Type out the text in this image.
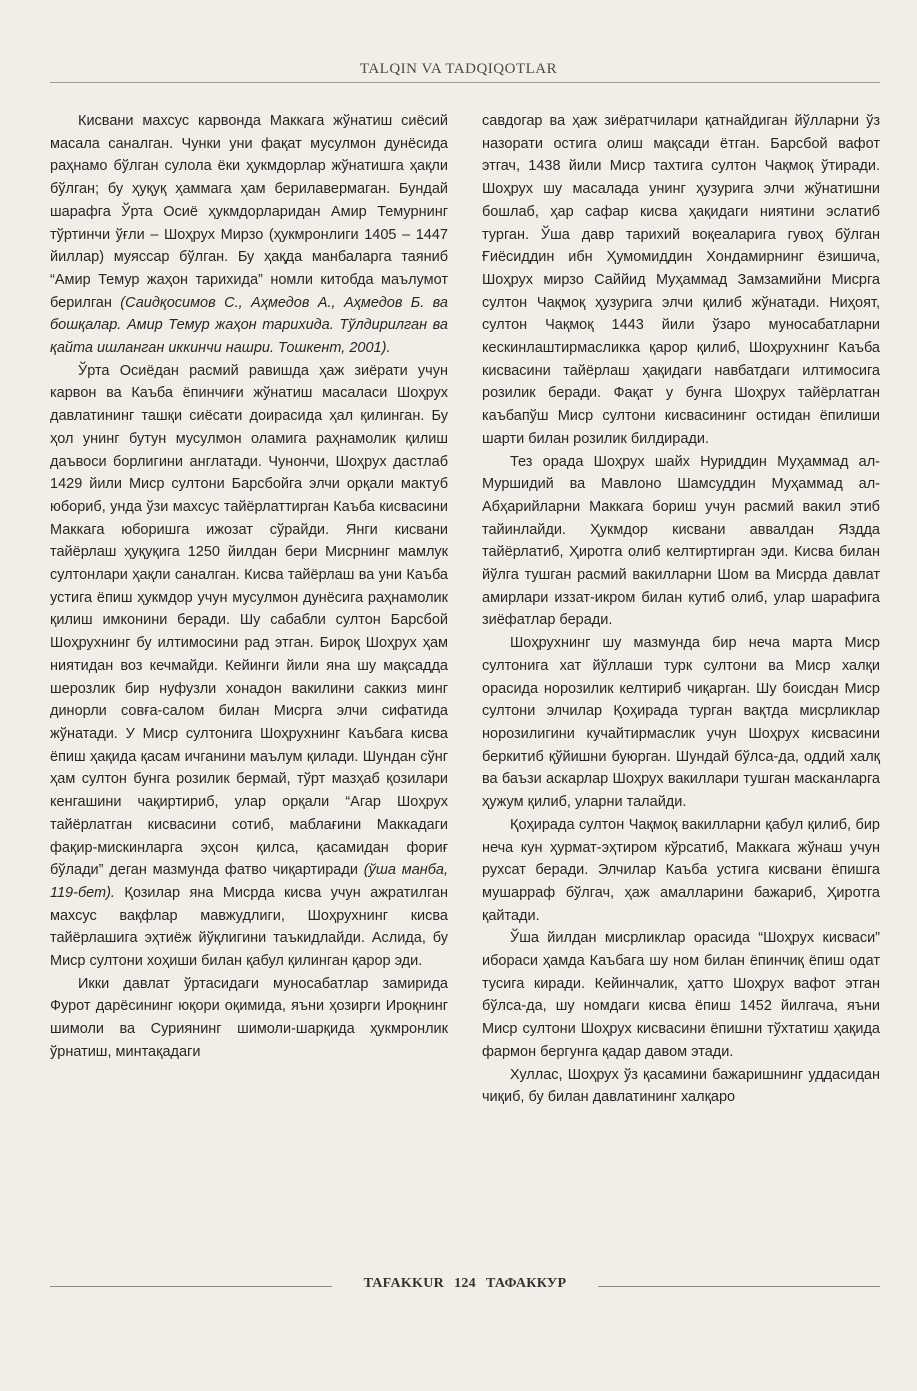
TALQIN VA TADQIQOTLAR

Кисвани махсус карвонда Маккага жўнатиш сиёсий масала саналган. Чунки уни фақат мусулмон дунёсида раҳнамо бўлган сулола ёки ҳукмдорлар жўнатишга ҳақли бўлган; бу ҳуқуқ ҳаммага ҳам берилавермаган. Бундай шарафга Ўрта Осиё ҳукмдорларидан Амир Темурнинг тўртинчи ўғли – Шоҳрух Мирзо (ҳукмронлиги 1405 – 1447 йиллар) муяссар бўлган. Бу ҳақда манбаларга таяниб “Амир Темур жаҳон тарихида” номли китобда маълумот берилган (Саидқосимов С., Аҳмедов А., Аҳмедов Б. ва бошқалар. Амир Темур жаҳон тарихида. Тўлдирилган ва қайта ишланган иккинчи нашри. Тошкент, 2001).

Ўрта Осиёдан расмий равишда ҳаж зиёрати учун карвон ва Каъба ёпинчиғи жўнатиш масаласи Шоҳрух давлатининг ташқи сиёсати доирасида ҳал қилинган. Бу ҳол унинг бутун мусулмон оламига раҳнамолик қилиш даъвоси борлигини англатади. Чунончи, Шоҳрух дастлаб 1429 йили Миср султони Барсбойга элчи орқали мактуб юбориб, унда ўзи махсус тайёрлаттирган Каъба кисвасини Маккага юборишга ижозат сўрайди. Янги кисвани тайёрлаш ҳуқуқига 1250 йилдан бери Мисрнинг мамлук султонлари ҳақли саналган. Кисва тайёрлаш ва уни Каъба устига ёпиш ҳукмдор учун мусулмон дунёсига раҳнамолик қилиш имконини беради. Шу сабабли султон Барсбой Шоҳрухнинг бу илтимосини рад этган. Бироқ Шоҳрух ҳам ниятидан воз кечмайди. Кейинги йили яна шу мақсадда шерозлик бир нуфузли хонадон вакилини саккиз минг динорли совға-салом билан Мисрга элчи сифатида жўнатади. У Миср султонига Шоҳрухнинг Каъбага кисва ёпиш ҳақида қасам ичганини маълум қилади. Шундан сўнг ҳам султон бунга розилик бермай, тўрт мазҳаб қозилари кенгашини чақиртириб, улар орқали “Агар Шоҳрух тайёрлатган кисвасини сотиб, маблағини Маккадаги фақир-мискинларга эҳсон қилса, қасамидан фориғ бўлади” деган мазмунда фатво чиқартиради (ўша манба, 119-бет). Қозилар яна Мисрда кисва учун ажратилган махсус вақфлар мавжудлиги, Шоҳрухнинг кисва тайёрлашига эҳтиёж йўқлигини таъкидлайди. Аслида, бу Миср султони хоҳиши билан қабул қилинган қарор эди.

Икки давлат ўртасидаги муносабатлар замирида Фурот дарёсининг юқори оқимида, яъни ҳозирги Ироқнинг шимоли ва Суриянинг шимоли-шарқида ҳукмронлик ўрнатиш, минтақадаги

савдогар ва ҳаж зиёратчилари қатнайдиган йўлларни ўз назорати остига олиш мақсади ётган. Барсбой вафот этгач, 1438 йили Миср тахтига султон Чақмоқ ўтиради. Шоҳрух шу масалада унинг ҳузурига элчи жўнатишни бошлаб, ҳар сафар кисва ҳақидаги ниятини эслатиб турган. Ўша давр тарихий воқеаларига гувоҳ бўлган Ғиёсиддин ибн Ҳумомиддин Хондамирнинг ёзишича, Шоҳрух мирзо Саййид Муҳаммад Замзамийни Мисрга султон Чақмоқ ҳузурига элчи қилиб жўнатади. Ниҳоят, султон Чақмоқ 1443 йили ўзаро муносабатларни кескинлаштирмасликка қарор қилиб, Шоҳрухнинг Каъба кисвасини тайёрлаш ҳақидаги навбатдаги илтимосига розилик беради. Фақат у бунга Шоҳрух тайёрлатган каъбапўш Миср султони кисвасининг остидан ёпилиши шарти билан розилик билдиради.

Тез орада Шоҳрух шайх Нуриддин Муҳаммад ал-Муршидий ва Мавлоно Шамсуддин Муҳаммад ал-Абҳарийларни Маккага бориш учун расмий вакил этиб тайинлайди. Ҳукмдор кисвани аввалдан Яздда тайёрлатиб, Ҳиротга олиб келтиртирган эди. Кисва билан йўлга тушган расмий вакилларни Шом ва Мисрда давлат амирлари иззат-икром билан кутиб олиб, улар шарафига зиёфатлар беради.

Шоҳрухнинг шу мазмунда бир неча марта Миср султонига хат йўллаши турк султони ва Миср халқи орасида норозилик келтириб чиқарган. Шу боисдан Миср султони элчилар Қоҳирада турган вақтда мисрликлар норозилигини кучайтирмаслик учун Шоҳрух кисвасини беркитиб қўйишни буюрган. Шундай бўлса-да, оддий халқ ва баъзи аскарлар Шоҳрух вакиллари тушган масканларга ҳужум қилиб, уларни талайди.

Қоҳирада султон Чақмоқ вакилларни қабул қилиб, бир неча кун ҳурмат-эҳтиром кўрсатиб, Маккага жўнаш учун рухсат беради. Элчилар Каъба устига кисвани ёпишга мушарраф бўлгач, ҳаж амалларини бажариб, Ҳиротга қайтади.

Ўша йилдан мисрликлар орасида “Шоҳрух кисваси” иборaси ҳамда Каъбага шу ном билан ёпинчиқ ёпиш одат тусига киради. Кейинчалик, ҳатто Шоҳрух вафот этган бўлса-да, шу номдаги кисва ёпиш 1452 йилгача, яъни Миср султони Шоҳрух кисвасини ёпишни тўхтатиш ҳақида фармон бергунга қадар давом этади.

Хуллас, Шоҳрух ўз қасамини бажаришнинг уддасидан чиқиб, бу билан давлатининг халқаро

TAFAKKUR 124 ТАФАККУР
